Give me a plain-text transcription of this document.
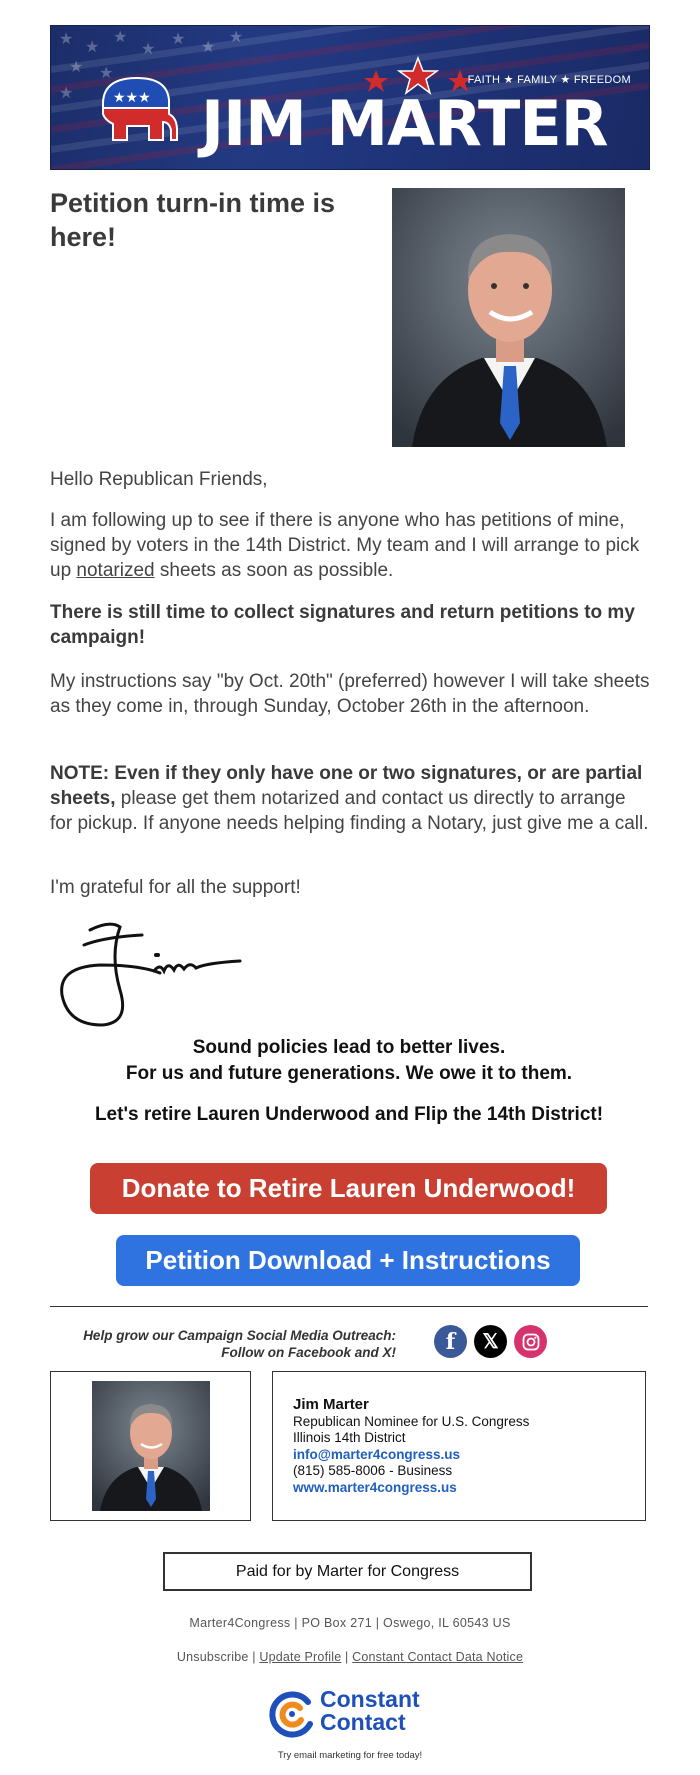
★ ★
★
★
★ ★
★ ★
★
★	★★★
FAITH ★ FAMILY ★ FREEDOM
JIM MARTER
Petition turn-in time is here!

Hello Republican Friends,

I am following up to see if there is anyone who has petitions of mine, signed by voters in the 14th District. My team and I will arrange to pick up notarized sheets as soon as possible.

There is still time to collect signatures and return petitions to my campaign!

My instructions say "by Oct. 20th" (preferred) however I will take sheets as they come in, through Sunday, October 26th in the afternoon.

NOTE: Even if they only have one or two signatures, or are partial sheets, please get them notarized and contact us directly to arrange for pickup. If anyone needs helping finding a Notary, just give me a call.

I'm grateful for all the support!

Sound policies lead to better lives.

For us and future generations. We owe it to them.

Let's retire Lauren Underwood and Flip the 14th District!

Donate to Retire Lauren Underwood!
Petition Download + Instructions

Help grow our Campaign Social Media Outreach:
Follow on Facebook and X!	f	𝕏
Jim Marter
Republican Nominee for U.S. Congress
Illinois 14th District
info@marter4congress.us
(815) 585-8006 - Business
www.marter4congress.us
Paid for by Marter for Congress
Marter4Congress | PO Box 271 | Oswego, IL 60543 US
Unsubscribe | Update Profile | Constant Contact Data Notice
Constant
Contact
Try email marketing for free today!
